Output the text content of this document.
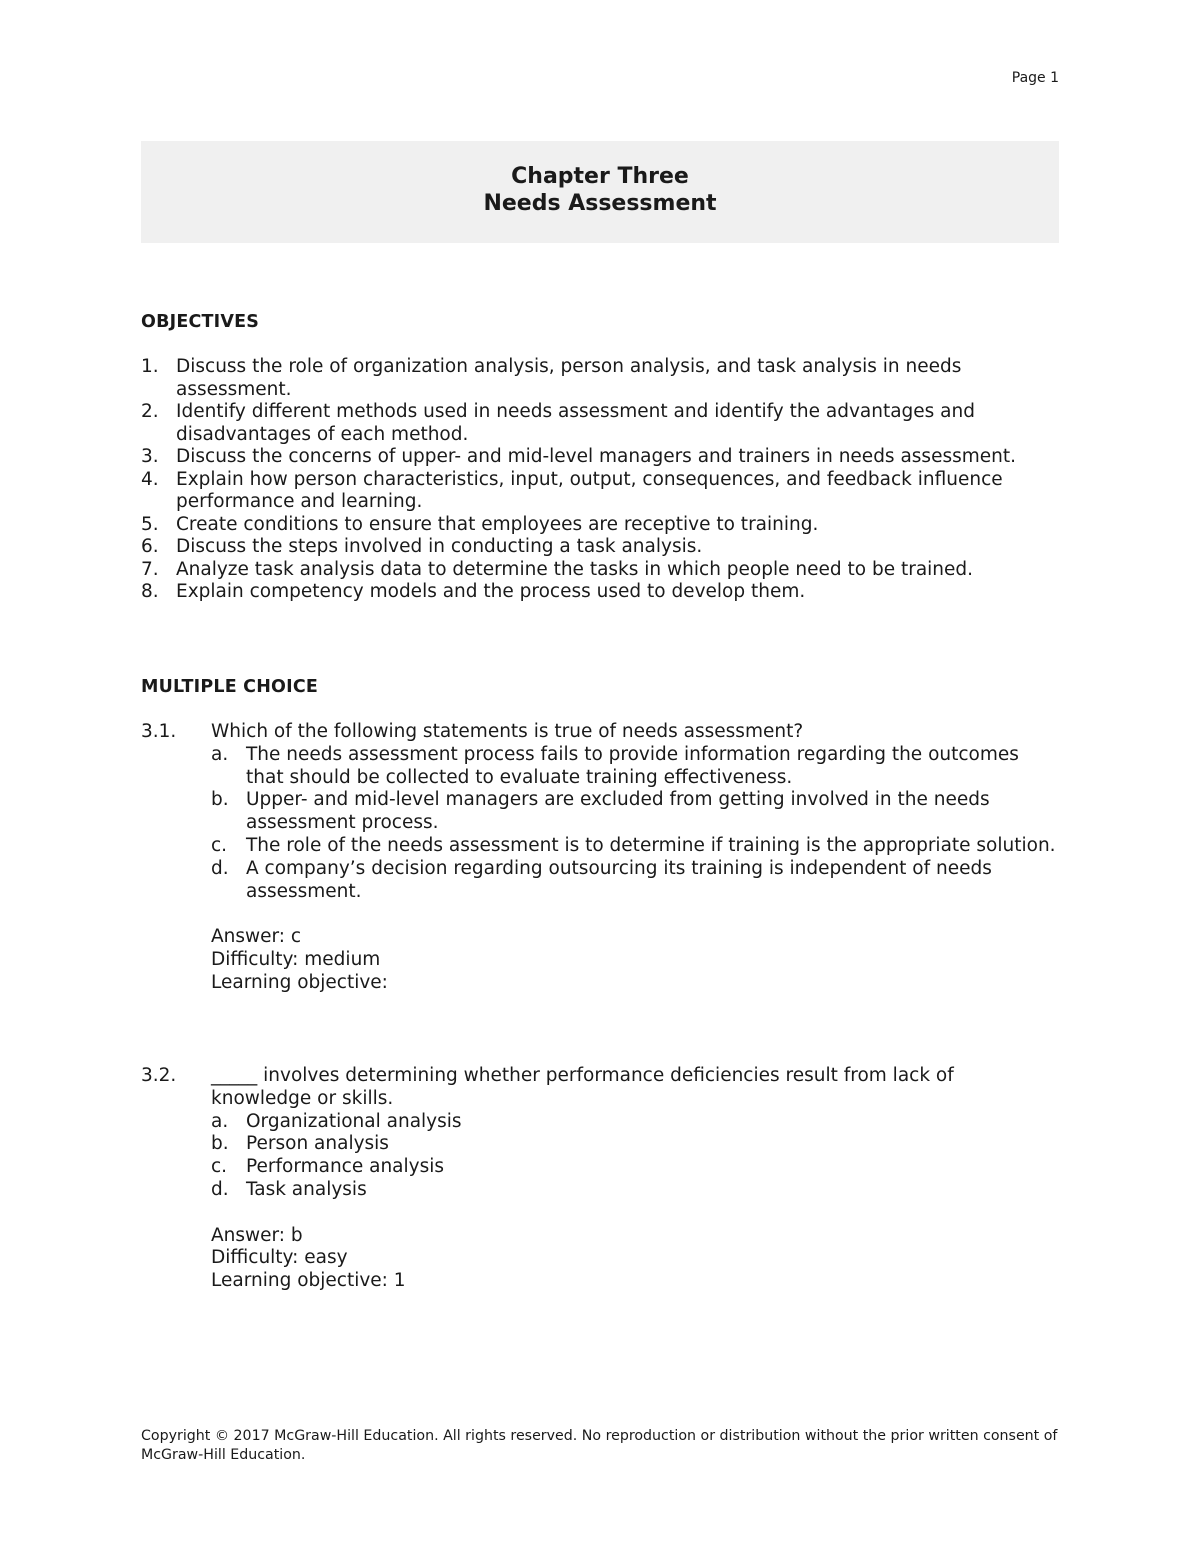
Page 1
Chapter Three
Needs Assessment
OBJECTIVES
1. Discuss the role of organization analysis, person analysis, and task analysis in needs assessment.
2. Identify different methods used in needs assessment and identify the advantages and disadvantages of each method.
3. Discuss the concerns of upper- and mid-level managers and trainers in needs assessment.
4. Explain how person characteristics, input, output, consequences, and feedback influence performance and learning.
5. Create conditions to ensure that employees are receptive to training.
6. Discuss the steps involved in conducting a task analysis.
7. Analyze task analysis data to determine the tasks in which people need to be trained.
8. Explain competency models and the process used to develop them.
MULTIPLE CHOICE
3.1. Which of the following statements is true of needs assessment?
a. The needs assessment process fails to provide information regarding the outcomes that should be collected to evaluate training effectiveness.
b. Upper- and mid-level managers are excluded from getting involved in the needs assessment process.
c. The role of the needs assessment is to determine if training is the appropriate solution.
d. A company’s decision regarding outsourcing its training is independent of needs assessment.
Answer: c
Difficulty: medium
Learning objective:
3.2. _____ involves determining whether performance deficiencies result from lack of knowledge or skills.
a. Organizational analysis
b. Person analysis
c. Performance analysis
d. Task analysis
Answer: b
Difficulty: easy
Learning objective: 1
Copyright © 2017 McGraw-Hill Education. All rights reserved. No reproduction or distribution without the prior written consent of McGraw-Hill Education.
